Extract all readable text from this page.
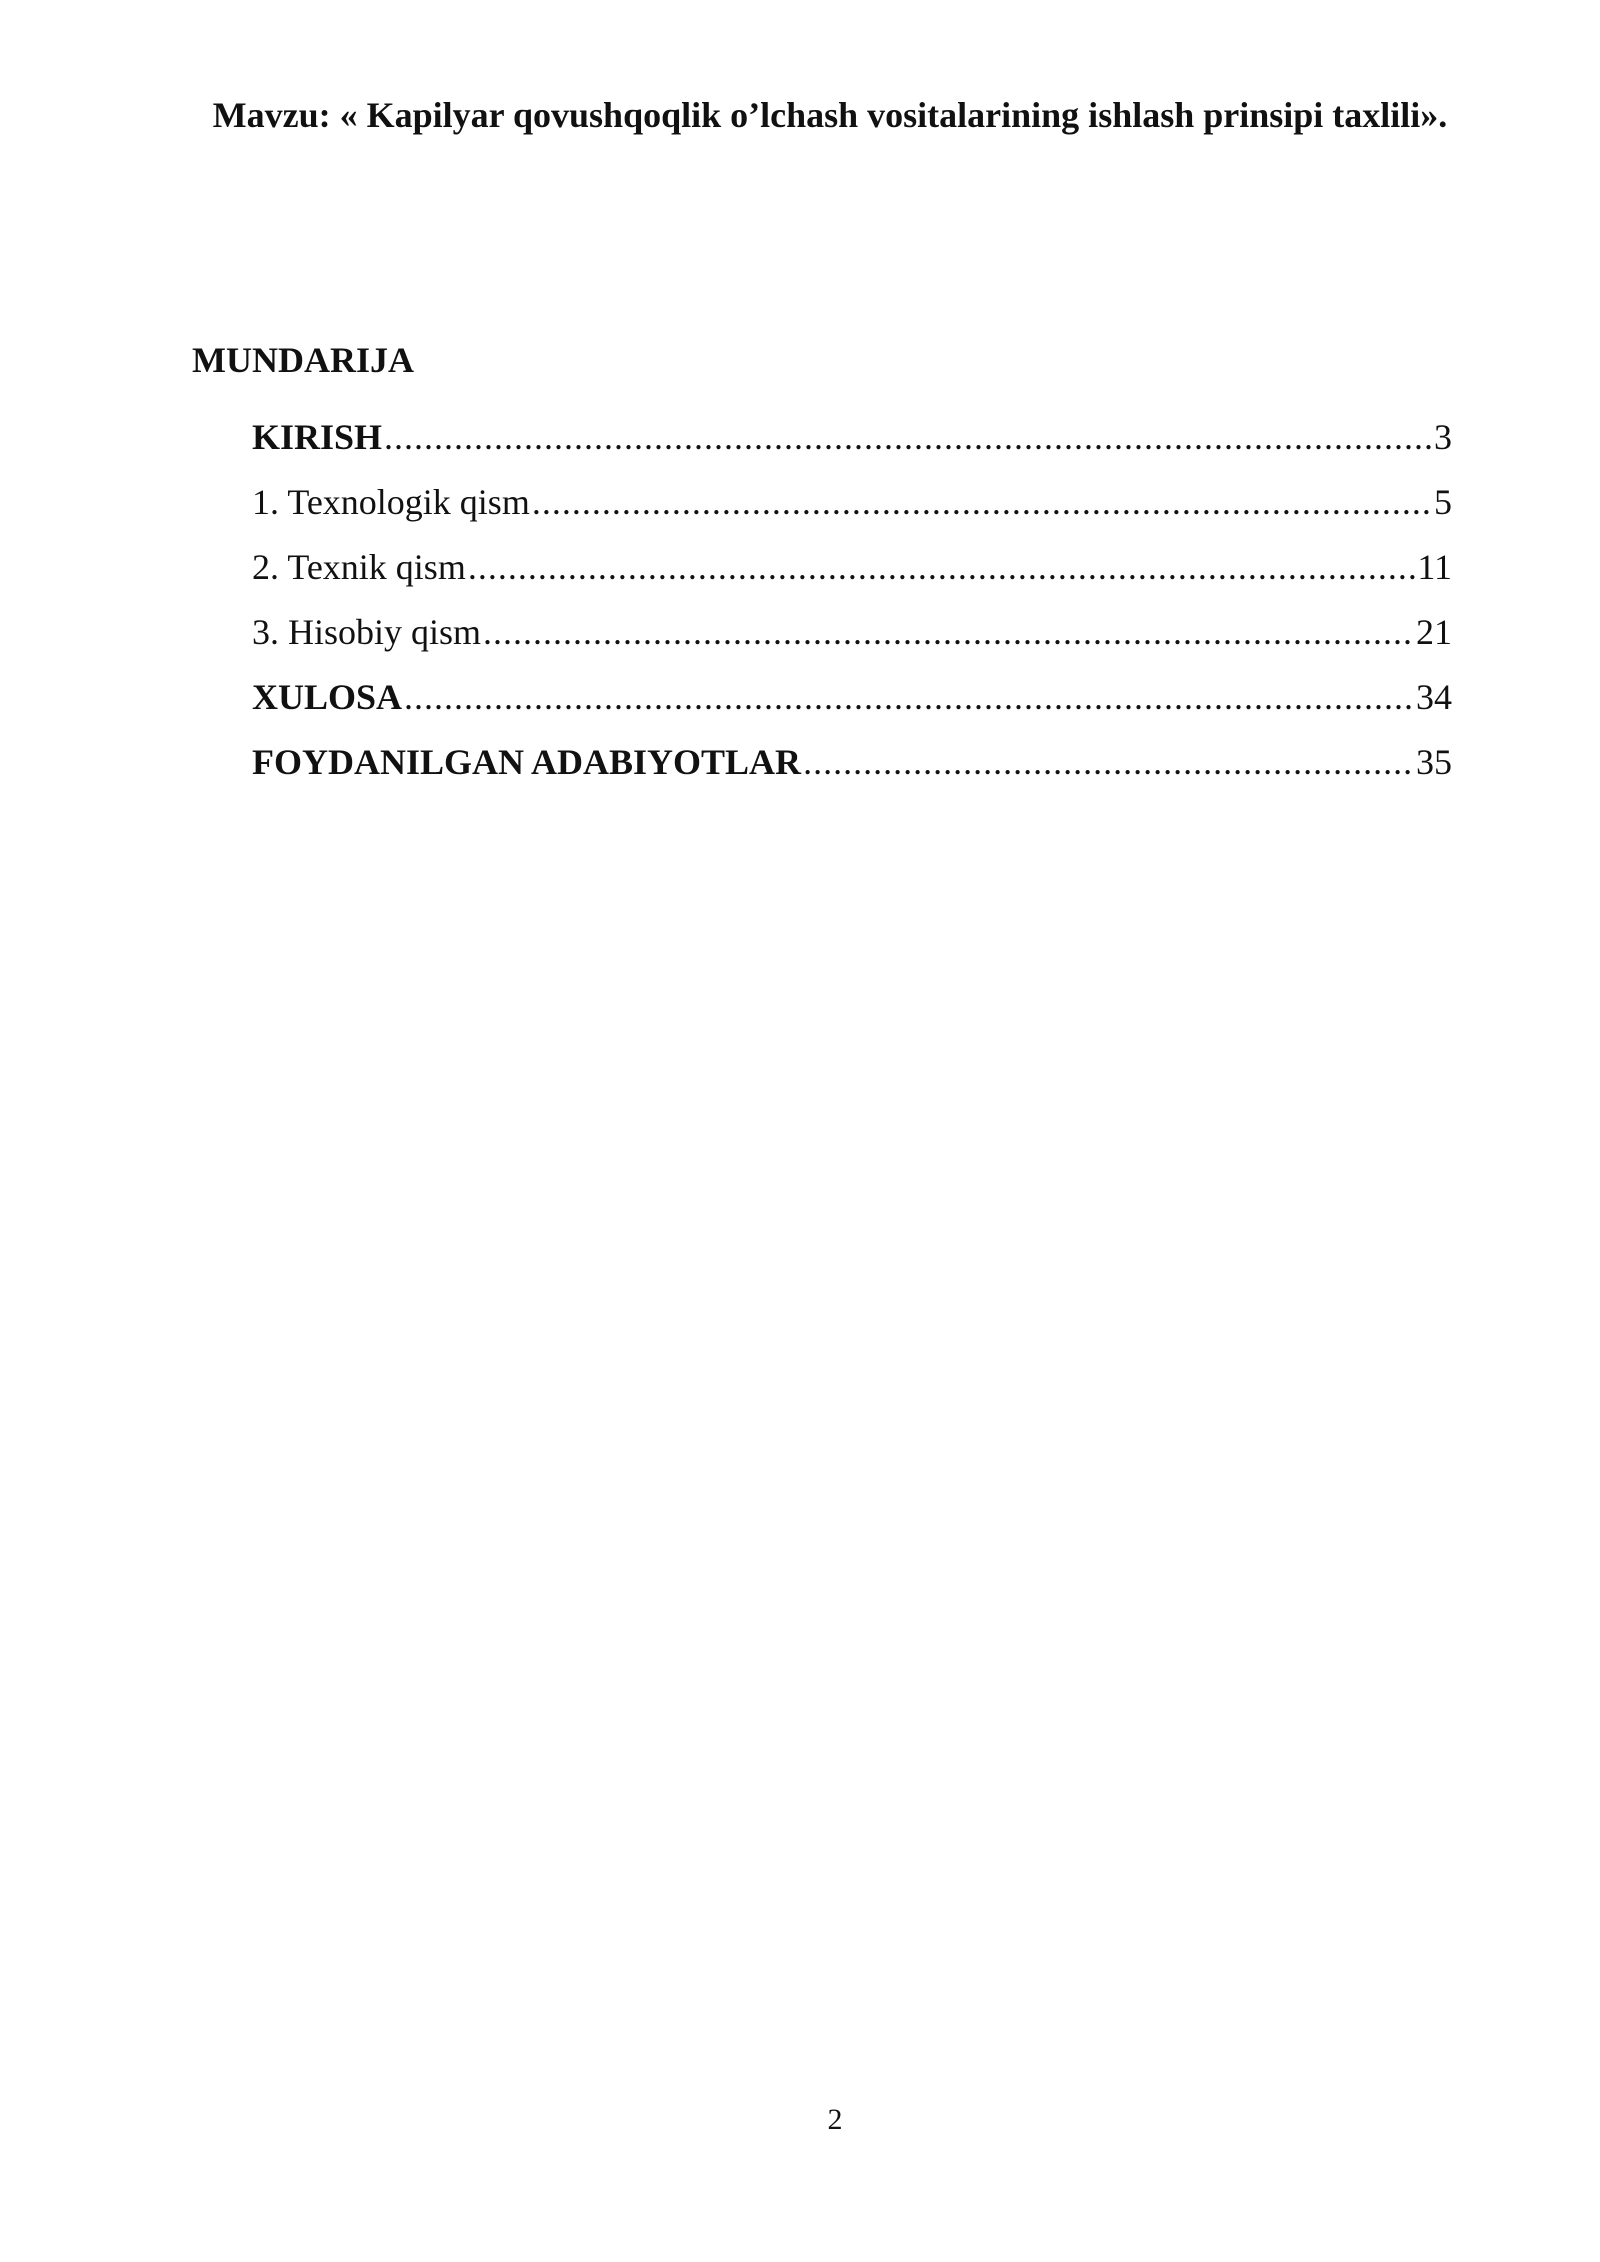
Mavzu: « Kapilyar qovushqoqlik o’lchash vositalarining ishlash prinsipi taxlili».
MUNDARIJA
KIRISH .....	3
1. Texnologik qism .....	5
2. Texnik qism .....	11
3. Hisobiy qism .....	21
XULOSA .....	34
FOYDANILGAN ADABIYOTLAR .....	35
2
